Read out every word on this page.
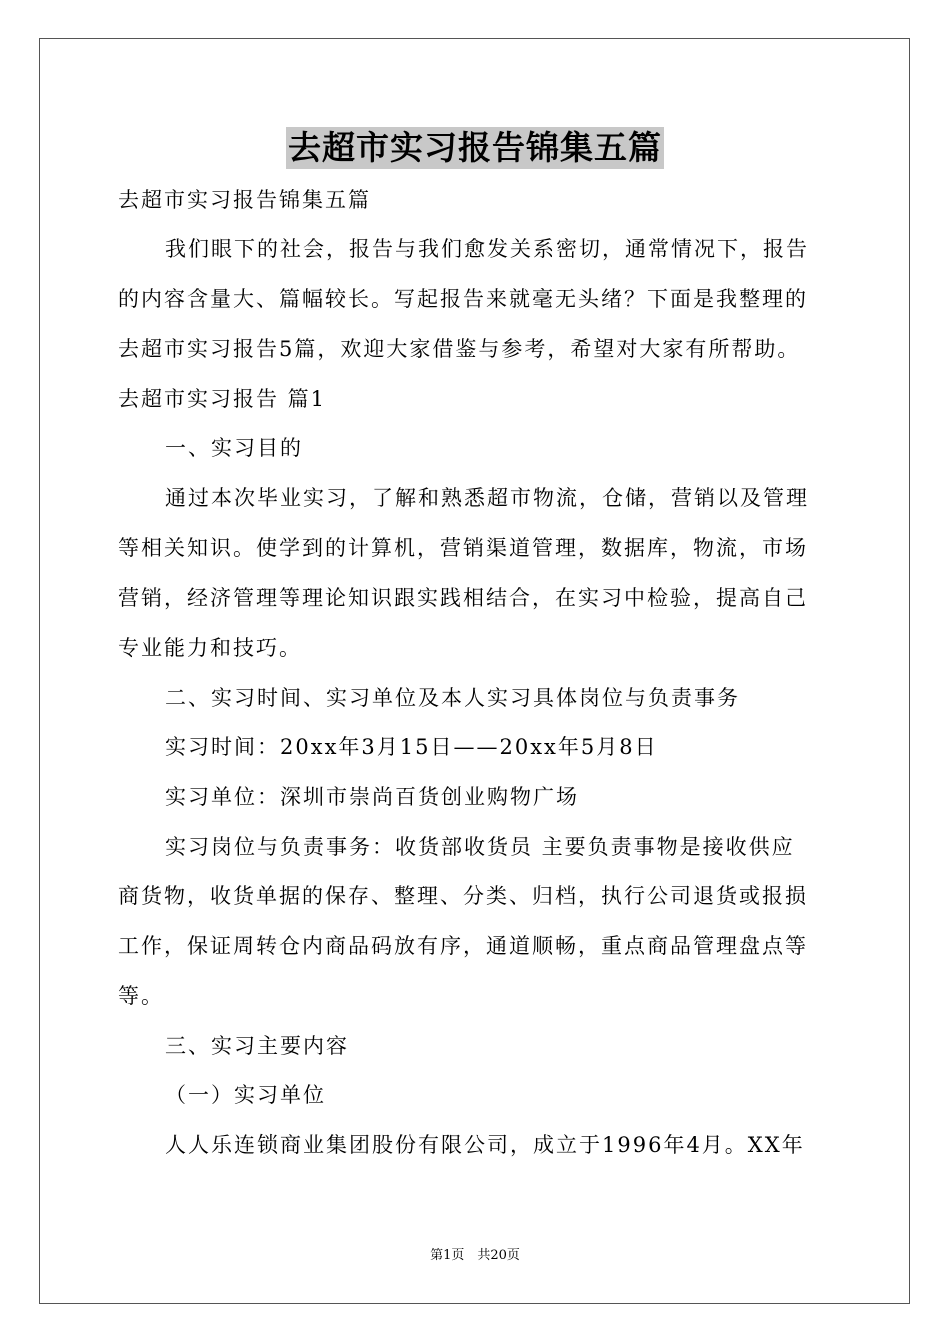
去超市实习报告锦集五篇
去超市实习报告锦集五篇
我们眼下的社会，报告与我们愈发关系密切，通常情况下，报告
的内容含量大、篇幅较长。写起报告来就毫无头绪？下面是我整理的
去超市实习报告5篇，欢迎大家借鉴与参考，希望对大家有所帮助。
去超市实习报告 篇1
一、实习目的
通过本次毕业实习，了解和熟悉超市物流，仓储，营销以及管理
等相关知识。使学到的计算机，营销渠道管理，数据库，物流，市场
营销，经济管理等理论知识跟实践相结合，在实习中检验，提高自己
专业能力和技巧。
二、实习时间、实习单位及本人实习具体岗位与负责事务
实习时间：20xx年3月15日——20xx年5月8日
实习单位：深圳市崇尚百货创业购物广场
实习岗位与负责事务：收货部收货员 主要负责事物是接收供应
商货物，收货单据的保存、整理、分类、归档，执行公司退货或报损
工作，保证周转仓内商品码放有序，通道顺畅，重点商品管理盘点等
等。
三、实习主要内容
（一）实习单位
人人乐连锁商业集团股份有限公司，成立于1996年4月。XX年
第1页　共20页
